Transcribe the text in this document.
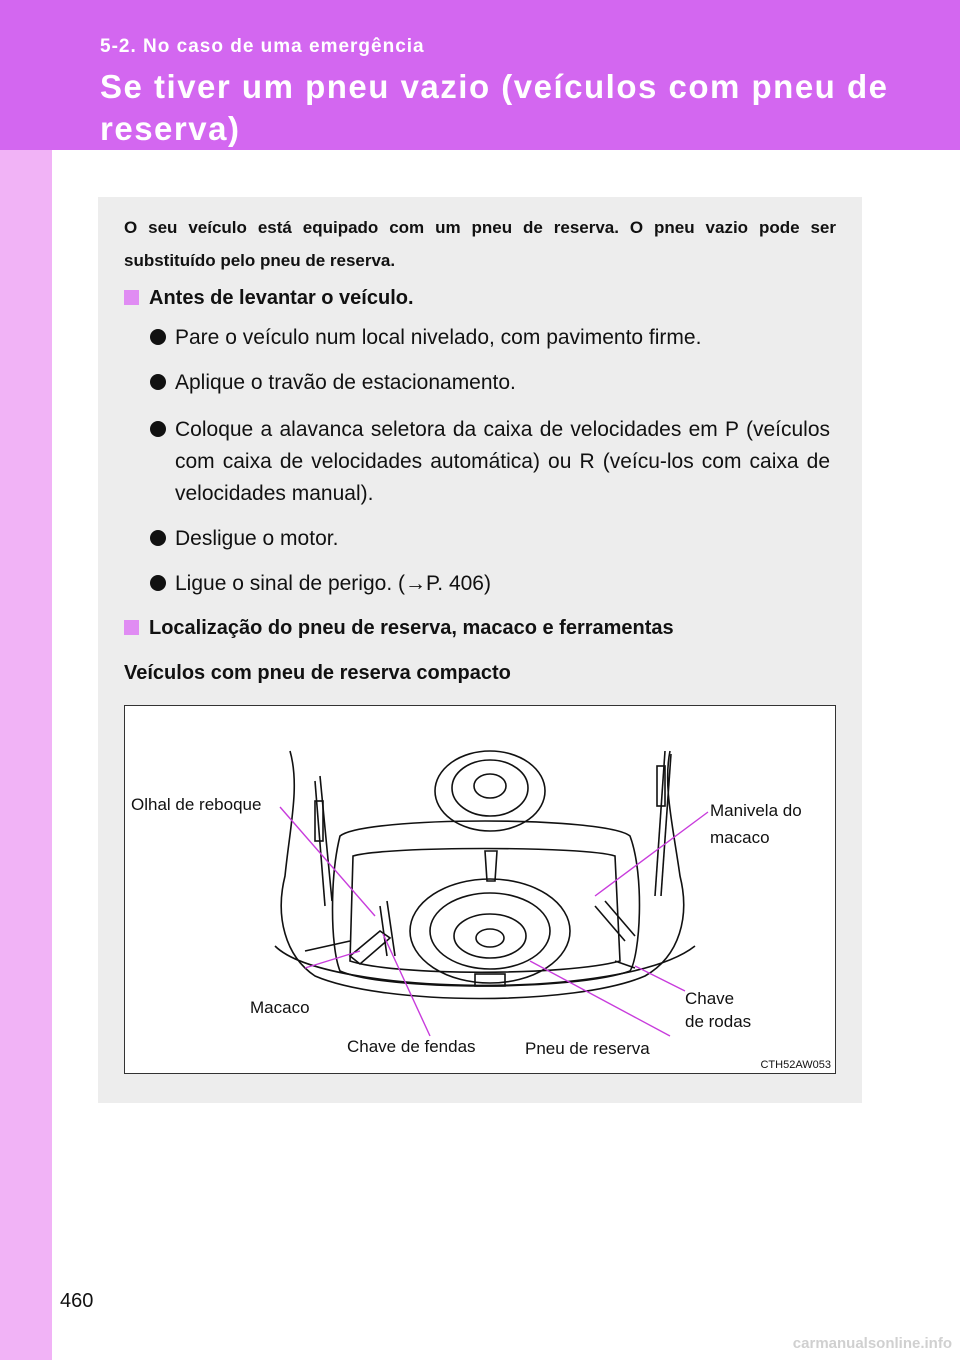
5-2. No caso de uma emergência
Se tiver um pneu vazio (veículos com pneu de reserva)
O seu veículo está equipado com um pneu de reserva. O pneu vazio pode ser substituído pelo pneu de reserva.
Antes de levantar o veículo.
Pare o veículo num local nivelado, com pavimento firme.
Aplique o travão de estacionamento.
Coloque a alavanca seletora da caixa de velocidades em P (veículos com caixa de velocidades automática) ou R (veícu-los com caixa de velocidades manual).
Desligue o motor.
Ligue o sinal de perigo. (→P. 406)
Localização do pneu de reserva, macaco e ferramentas
Veículos com pneu de reserva compacto
Olhal de reboque	Manivela do
macaco
Macaco
Chave de fendas	Pneu de reserva
Chave
de rodas
CTH52AW053
460
carmanualsonline.info
